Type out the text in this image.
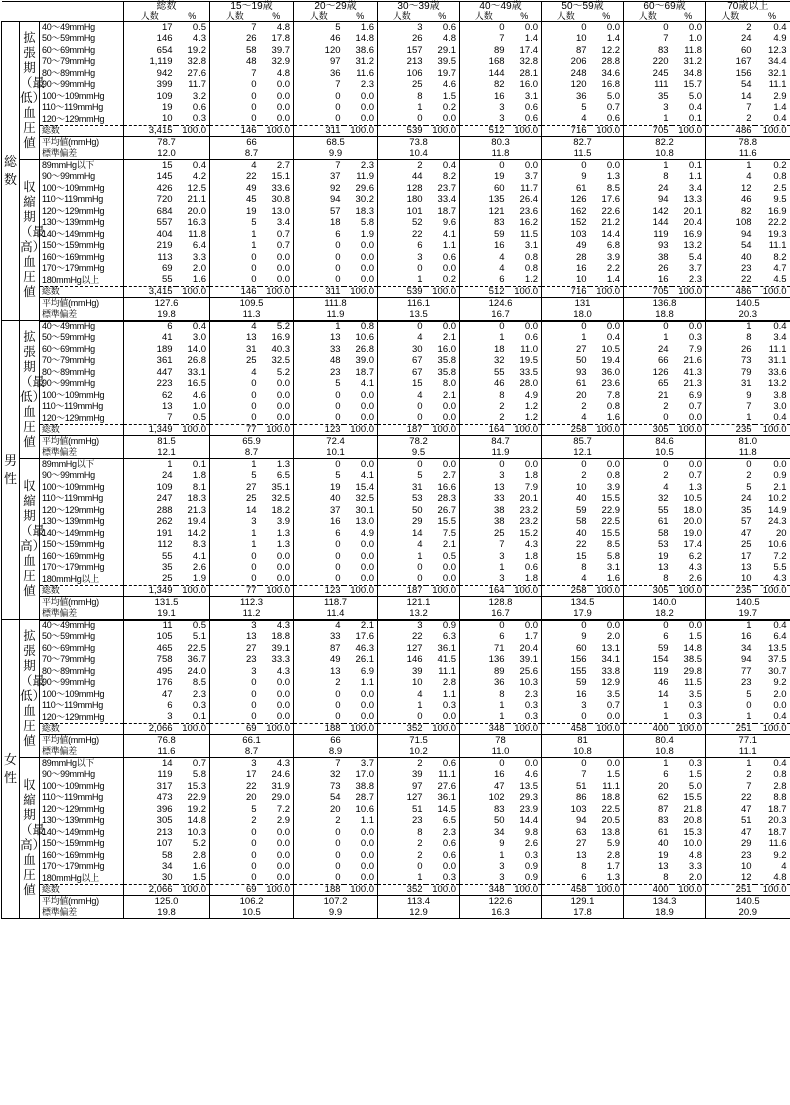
			総数		15〜19歳		20〜29歳		30〜39歳		40〜49歳		50〜59歳		60〜69歳		70歳以上	
			人数	%	人数	%	人数	%	人数	%	人数	%	人数	%	人数	%	人数	%
総数	拡張期（最低）血圧値	40〜49mmHg	17	0.5	7	4.8	5	1.6	3	0.6	0	0.0	0	0.0	0	0.0	2	0.4
		50〜59mmHg	146	4.3	26	17.8	46	14.8	26	4.8	7	1.4	10	1.4	7	1.0	24	4.9
		60〜69mmHg	654	19.2	58	39.7	120	38.6	157	29.1	89	17.4	87	12.2	83	11.8	60	12.3
		70〜79mmHg	1,119	32.8	48	32.9	97	31.2	213	39.5	168	32.8	206	28.8	220	31.2	167	34.4
		80〜89mmHg	942	27.6	7	4.8	36	11.6	106	19.7	144	28.1	248	34.6	245	34.8	156	32.1
		90〜99mmHg	399	11.7	0	0.0	7	2.3	25	4.6	82	16.0	120	16.8	111	15.7	54	11.1
		100〜109mmHg	109	3.2	0	0.0	0	0.0	8	1.5	16	3.1	36	5.0	35	5.0	14	2.9
		110〜119mmHg	19	0.6	0	0.0	0	0.0	1	0.2	3	0.6	5	0.7	3	0.4	7	1.4
		120〜129mmHg	10	0.3	0	0.0	0	0.0	0	0.0	3	0.6	4	0.6	1	0.1	2	0.4
		総数	3,415	100.0	146	100.0	311	100.0	539	100.0	512	100.0	716	100.0	705	100.0	486	100.0
		平均値(mmHg)	78.7		66		68.5		73.8		80.3		82.7		82.2		78.8	
		標準偏差	12.0		8.7		9.9		10.4		11.8		11.5		10.8		11.6	
	収縮期（最高）血圧値	89mmHg以下	15	0.4	4	2.7	7	2.3	2	0.4	0	0.0	0	0.0	1	0.1	1	0.2
		90〜99mmHg	145	4.2	22	15.1	37	11.9	44	8.2	19	3.7	9	1.3	8	1.1	4	0.8
		100〜109mmHg	426	12.5	49	33.6	92	29.6	128	23.7	60	11.7	61	8.5	24	3.4	12	2.5
		110〜119mmHg	720	21.1	45	30.8	94	30.2	180	33.4	135	26.4	126	17.6	94	13.3	46	9.5
		120〜129mmHg	684	20.0	19	13.0	57	18.3	101	18.7	121	23.6	162	22.6	142	20.1	82	16.9
		130〜139mmHg	557	16.3	5	3.4	18	5.8	52	9.6	83	16.2	152	21.2	144	20.4	108	22.2
		140〜149mmHg	404	11.8	1	0.7	6	1.9	22	4.1	59	11.5	103	14.4	119	16.9	94	19.3
		150〜159mmHg	219	6.4	1	0.7	0	0.0	6	1.1	16	3.1	49	6.8	93	13.2	54	11.1
		160〜169mmHg	113	3.3	0	0.0	0	0.0	3	0.6	4	0.8	28	3.9	38	5.4	40	8.2
		170〜179mmHg	69	2.0	0	0.0	0	0.0	0	0.0	4	0.8	16	2.2	26	3.7	23	4.7
		180mmHg以上	55	1.6	0	0.0	0	0.0	1	0.2	6	1.2	10	1.4	16	2.3	22	4.5
		総数	3,415	100.0	146	100.0	311	100.0	539	100.0	512	100.0	716	100.0	705	100.0	486	100.0
		平均値(mmHg)	127.6		109.5		111.8		116.1		124.6		131		136.8		140.5	
		標準偏差	19.8		11.3		11.9		13.5		16.7		18.0		18.8		20.3	
男性	拡張期（最低）血圧値	40〜49mmHg	6	0.4	4	5.2	1	0.8	0	0.0	0	0.0	0	0.0	0	0.0	1	0.4
		50〜59mmHg	41	3.0	13	16.9	13	10.6	4	2.1	1	0.6	1	0.4	1	0.3	8	3.4
		60〜69mmHg	189	14.0	31	40.3	33	26.8	30	16.0	18	11.0	27	10.5	24	7.9	26	11.1
		70〜79mmHg	361	26.8	25	32.5	48	39.0	67	35.8	32	19.5	50	19.4	66	21.6	73	31.1
		80〜89mmHg	447	33.1	4	5.2	23	18.7	67	35.8	55	33.5	93	36.0	126	41.3	79	33.6
		90〜99mmHg	223	16.5	0	0.0	5	4.1	15	8.0	46	28.0	61	23.6	65	21.3	31	13.2
		100〜109mmHg	62	4.6	0	0.0	0	0.0	4	2.1	8	4.9	20	7.8	21	6.9	9	3.8
		110〜119mmHg	13	1.0	0	0.0	0	0.0	0	0.0	2	1.2	2	0.8	2	0.7	7	3.0
		120〜129mmHg	7	0.5	0	0.0	0	0.0	0	0.0	2	1.2	4	1.6	0	0.0	1	0.4
		総数	1,349	100.0	77	100.0	123	100.0	187	100.0	164	100.0	258	100.0	305	100.0	235	100.0
		平均値(mmHg)	81.5		65.9		72.4		78.2		84.7		85.7		84.6		81.0	
		標準偏差	12.1		8.7		10.1		9.5		11.9		12.1		10.5		11.8	
	収縮期（最高）血圧値	89mmHg以下	1	0.1	1	1.3	0	0.0	0	0.0	0	0.0	0	0.0	0	0.0	0	0.0
		90〜99mmHg	24	1.8	5	6.5	5	4.1	5	2.7	3	1.8	2	0.8	2	0.7	2	0.9
		100〜109mmHg	109	8.1	27	35.1	19	15.4	31	16.6	13	7.9	10	3.9	4	1.3	5	2.1
		110〜119mmHg	247	18.3	25	32.5	40	32.5	53	28.3	33	20.1	40	15.5	32	10.5	24	10.2
		120〜129mmHg	288	21.3	14	18.2	37	30.1	50	26.7	38	23.2	59	22.9	55	18.0	35	14.9
		130〜139mmHg	262	19.4	3	3.9	16	13.0	29	15.5	38	23.2	58	22.5	61	20.0	57	24.3
		140〜149mmHg	191	14.2	1	1.3	6	4.9	14	7.5	25	15.2	40	15.5	58	19.0	47	20
		150〜159mmHg	112	8.3	1	1.3	0	0.0	4	2.1	7	4.3	22	8.5	53	17.4	25	10.6
		160〜169mmHg	55	4.1	0	0.0	0	0.0	1	0.5	3	1.8	15	5.8	19	6.2	17	7.2
		170〜179mmHg	35	2.6	0	0.0	0	0.0	0	0.0	1	0.6	8	3.1	13	4.3	13	5.5
		180mmHg以上	25	1.9	0	0.0	0	0.0	0	0.0	3	1.8	4	1.6	8	2.6	10	4.3
		総数	1,349	100.0	77	100.0	123	100.0	187	100.0	164	100.0	258	100.0	305	100.0	235	100.0
		平均値(mmHg)	131.5		112.3		118.7		121.1		128.8		134.5		140.0		140.5	
		標準偏差	19.1		11.2		11.4		13.2		16.7		17.9		18.2		19.7	
女性	拡張期（最低）血圧値	40〜49mmHg	11	0.5	3	4.3	4	2.1	3	0.9	0	0.0	0	0.0	0	0.0	1	0.4
		50〜59mmHg	105	5.1	13	18.8	33	17.6	22	6.3	6	1.7	9	2.0	6	1.5	16	6.4
		60〜69mmHg	465	22.5	27	39.1	87	46.3	127	36.1	71	20.4	60	13.1	59	14.8	34	13.5
		70〜79mmHg	758	36.7	23	33.3	49	26.1	146	41.5	136	39.1	156	34.1	154	38.5	94	37.5
		80〜89mmHg	495	24.0	3	4.3	13	6.9	39	11.1	89	25.6	155	33.8	119	29.8	77	30.7
		90〜99mmHg	176	8.5	0	0.0	2	1.1	10	2.8	36	10.3	59	12.9	46	11.5	23	9.2
		100〜109mmHg	47	2.3	0	0.0	0	0.0	4	1.1	8	2.3	16	3.5	14	3.5	5	2.0
		110〜119mmHg	6	0.3	0	0.0	0	0.0	1	0.3	1	0.3	3	0.7	1	0.3	0	0.0
		120〜129mmHg	3	0.1	0	0.0	0	0.0	0	0.0	1	0.3	0	0.0	1	0.3	1	0.4
		総数	2,066	100.0	69	100.0	188	100.0	352	100.0	348	100.0	458	100.0	400	100.0	251	100.0
		平均値(mmHg)	76.8		66.1		66		71.5		78		81		80.4		77.1	
		標準偏差	11.6		8.7		8.9		10.2		11.0		10.8		10.8		11.1	
	収縮期（最高）血圧値	89mmHg以下	14	0.7	3	4.3	7	3.7	2	0.6	0	0.0	0	0.0	1	0.3	1	0.4
		90〜99mmHg	119	5.8	17	24.6	32	17.0	39	11.1	16	4.6	7	1.5	6	1.5	2	0.8
		100〜109mmHg	317	15.3	22	31.9	73	38.8	97	27.6	47	13.5	51	11.1	20	5.0	7	2.8
		110〜119mmHg	473	22.9	20	29.0	54	28.7	127	36.1	102	29.3	86	18.8	62	15.5	22	8.8
		120〜129mmHg	396	19.2	5	7.2	20	10.6	51	14.5	83	23.9	103	22.5	87	21.8	47	18.7
		130〜139mmHg	305	14.8	2	2.9	2	1.1	23	6.5	50	14.4	94	20.5	83	20.8	51	20.3
		140〜149mmHg	213	10.3	0	0.0	0	0.0	8	2.3	34	9.8	63	13.8	61	15.3	47	18.7
		150〜159mmHg	107	5.2	0	0.0	0	0.0	2	0.6	9	2.6	27	5.9	40	10.0	29	11.6
		160〜169mmHg	58	2.8	0	0.0	0	0.0	2	0.6	1	0.3	13	2.8	19	4.8	23	9.2
		170〜179mmHg	34	1.6	0	0.0	0	0.0	0	0.0	3	0.9	8	1.7	13	3.3	10	4
		180mmHg以上	30	1.5	0	0.0	0	0.0	1	0.3	3	0.9	6	1.3	8	2.0	12	4.8
		総数	2,066	100.0	69	100.0	188	100.0	352	100.0	348	100.0	458	100.0	400	100.0	251	100.0
		平均値(mmHg)	125.0		106.2		107.2		113.4		122.6		129.1		134.3		140.5	
		標準偏差	19.8		10.5		9.9		12.9		16.3		17.8		18.9		20.9	
